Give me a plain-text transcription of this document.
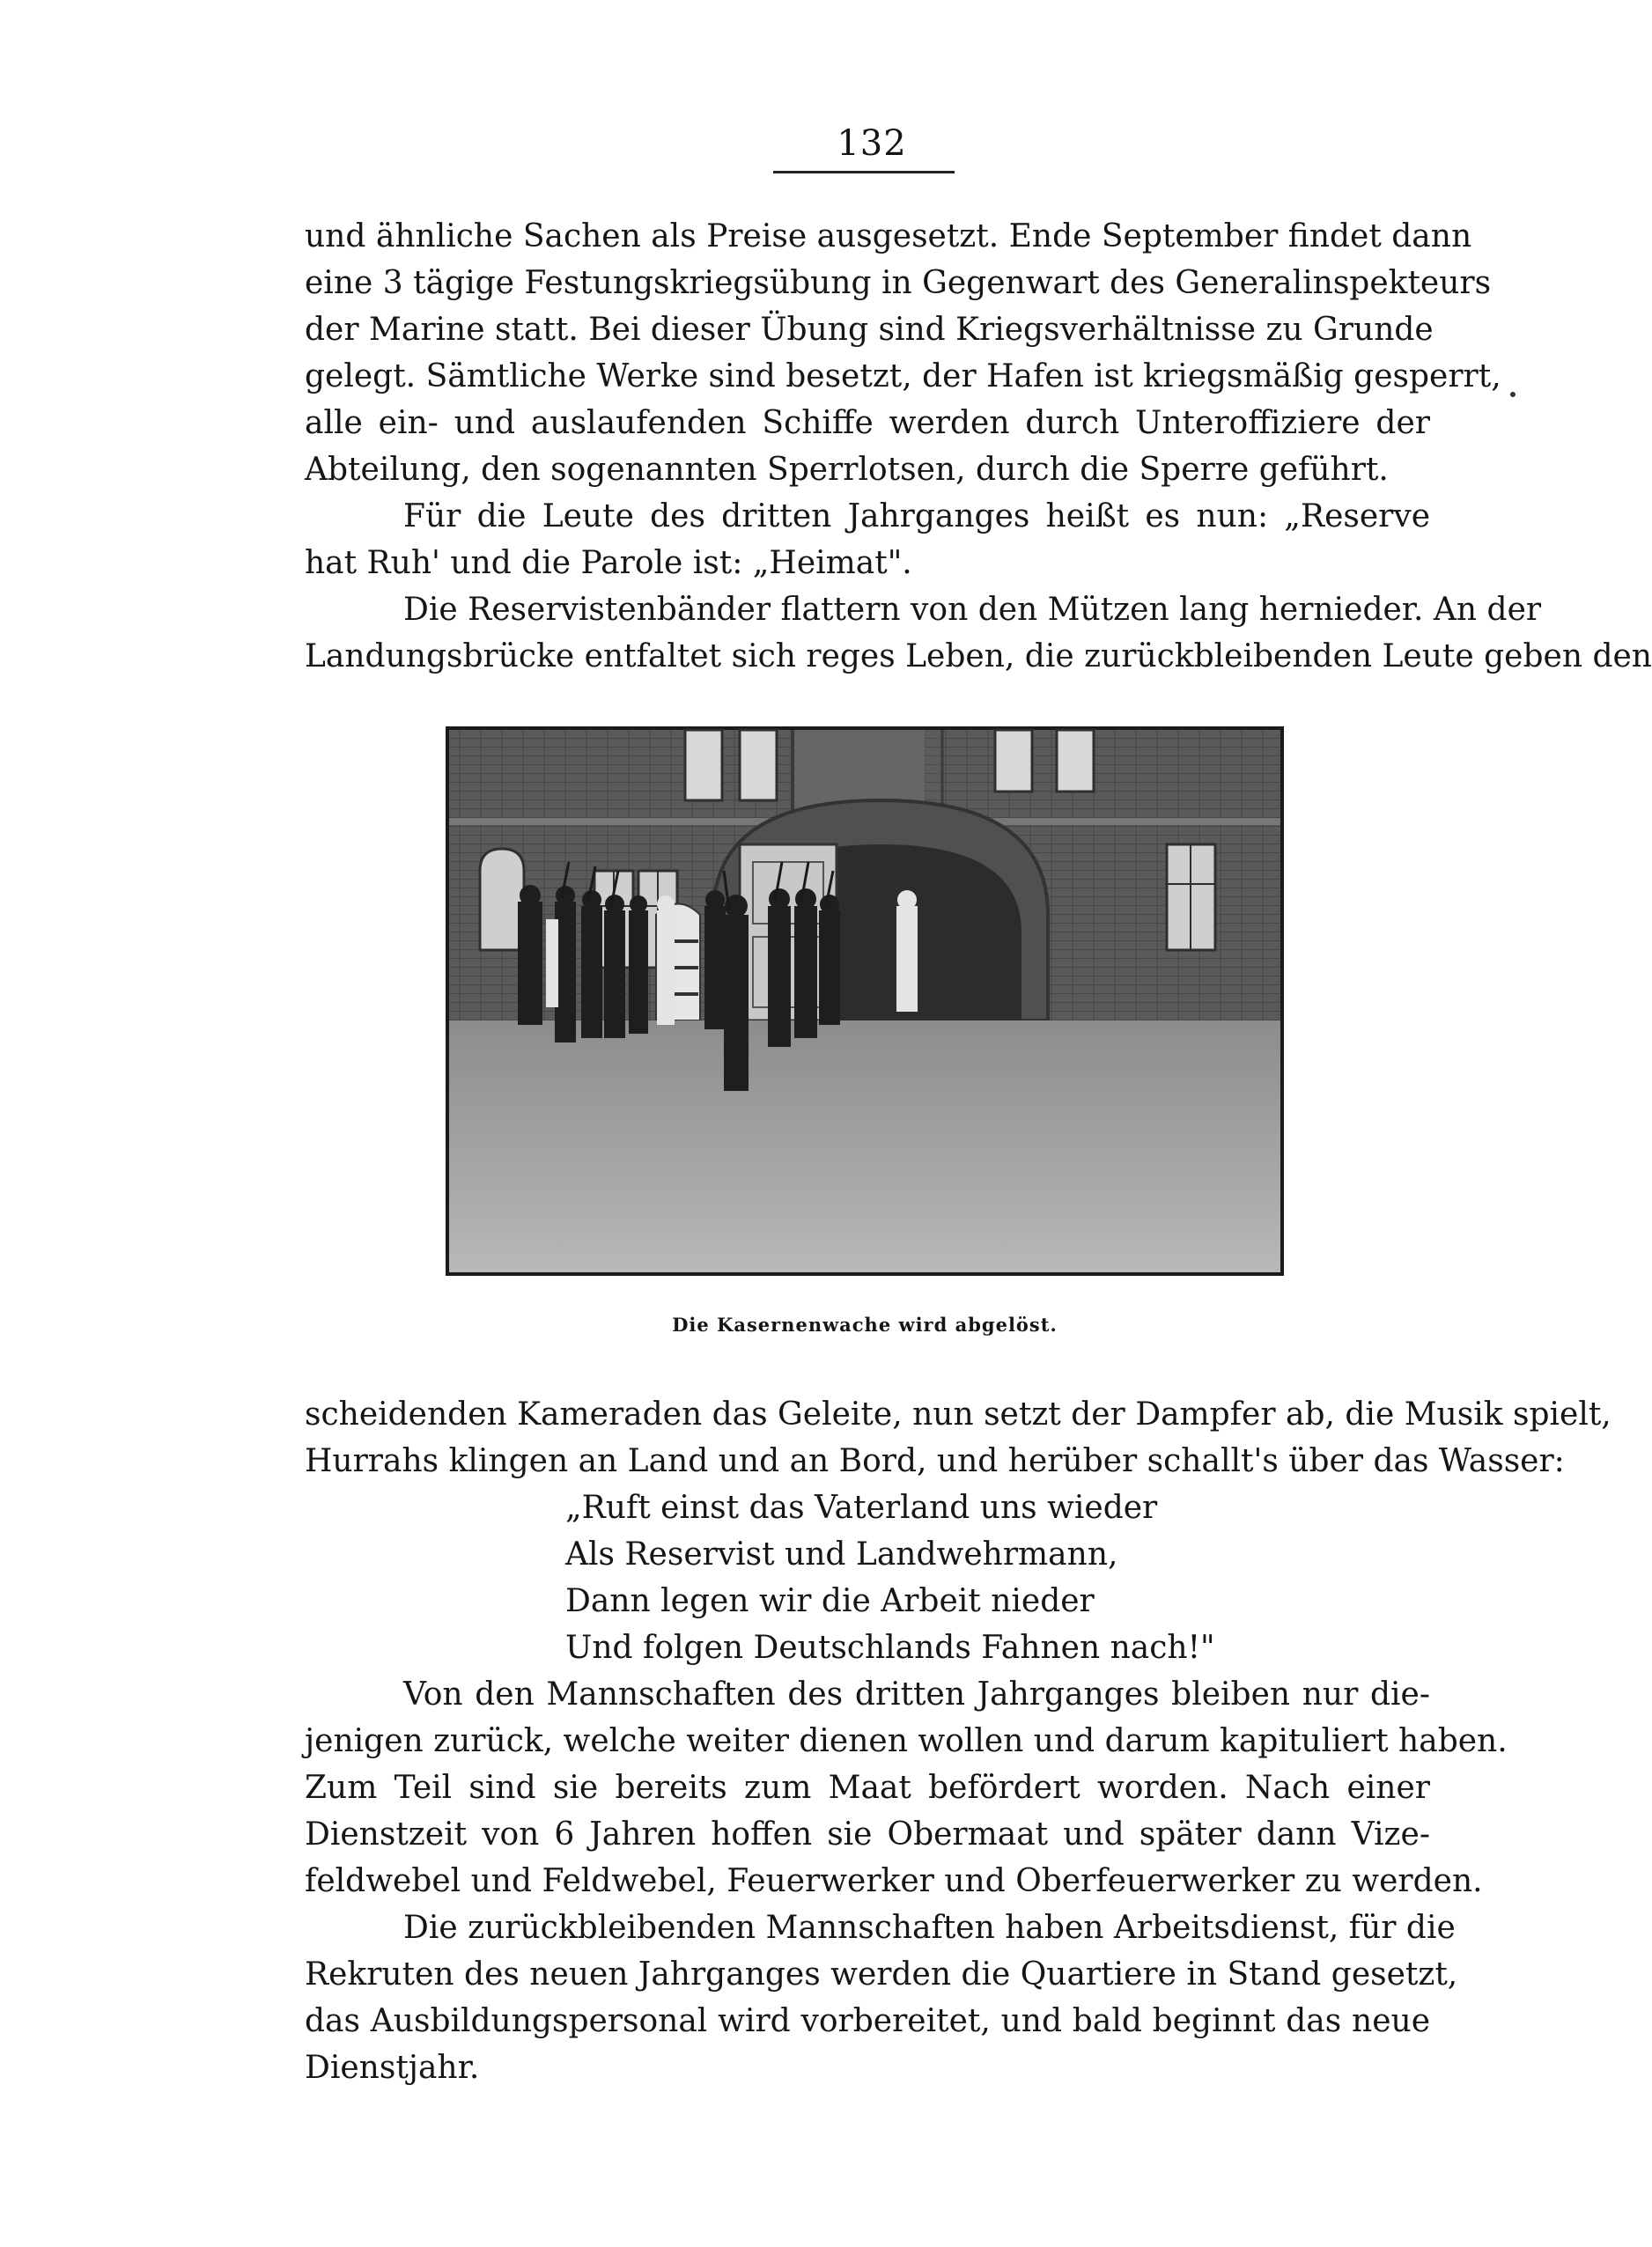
132
und ähnliche Sachen als Preise ausgesetzt. Ende September findet dann
eine 3 tägige Festungskriegsübung in Gegenwart des Generalinspekteurs
der Marine statt. Bei dieser Übung sind Kriegsverhältnisse zu Grunde
gelegt. Sämtliche Werke sind besetzt, der Hafen ist kriegsmäßig gesperrt,
alle ein- und auslaufenden Schiffe werden durch Unteroffiziere der
Abteilung, den sogenannten Sperrlotsen, durch die Sperre geführt.
Für die Leute des dritten Jahrganges heißt es nun: „Reserve
hat Ruh' und die Parole ist: „Heimat".
Die Reservistenbänder flattern von den Mützen lang hernieder. An der
Landungsbrücke entfaltet sich reges Leben, die zurückbleibenden Leute geben den
Die Kasernenwache wird abgelöst.
scheidenden Kameraden das Geleite, nun setzt der Dampfer ab, die Musik spielt,
Hurrahs klingen an Land und an Bord, und herüber schallt's über das Wasser:
„Ruft einst das Vaterland uns wieder
Als Reservist und Landwehrmann,
Dann legen wir die Arbeit nieder
Und folgen Deutschlands Fahnen nach!"
Von den Mannschaften des dritten Jahrganges bleiben nur die-
jenigen zurück, welche weiter dienen wollen und darum kapituliert haben.
Zum Teil sind sie bereits zum Maat befördert worden. Nach einer
Dienstzeit von 6 Jahren hoffen sie Obermaat und später dann Vize-
feldwebel und Feldwebel, Feuerwerker und Oberfeuerwerker zu werden.
Die zurückbleibenden Mannschaften haben Arbeitsdienst, für die
Rekruten des neuen Jahrganges werden die Quartiere in Stand gesetzt,
das Ausbildungspersonal wird vorbereitet, und bald beginnt das neue
Dienstjahr.
